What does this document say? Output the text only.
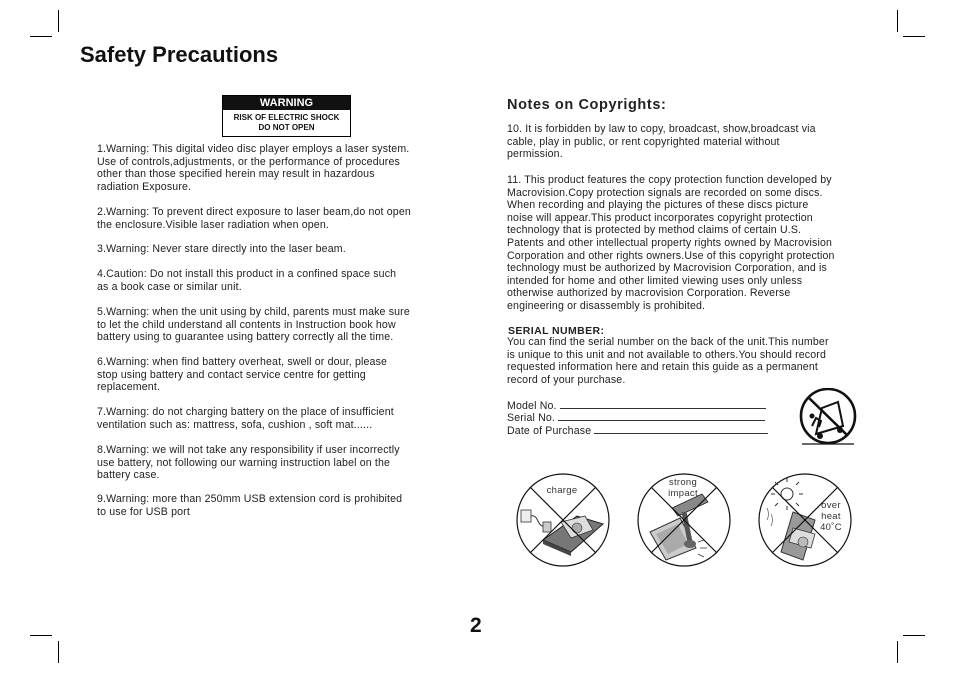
Safety Precautions
WARNING
RISK OF ELECTRIC SHOCK
DO NOT OPEN

1.Warning: This digital video disc player employs a laser system.
Use of controls,adjustments, or the performance of procedures
other than those specified herein may result in hazardous
radiation Exposure.

2.Warning: To prevent direct exposure to laser beam,do not open
the enclosure.Visible laser radiation when open.

3.Warning: Never stare directly into the laser beam.

4.Caution: Do not install this product in a confined space such
as a book case or similar unit.

5.Warning: when the unit using by child, parents must make sure
to let the child understand all contents in Instruction book how
battery using to guarantee using battery correctly all the time.

6.Warning: when find battery overheat, swell or dour, please
stop using battery and contact service centre for getting
replacement.

7.Warning: do not charging battery on the place of insufficient
ventilation such as: mattress, sofa, cushion , soft mat......

8.Warning: we will not take any responsibility if user incorrectly
use battery, not following our warning instruction label on the
battery case.

9.Warning: more than 250mm USB extension cord is prohibited
to use for USB port

Notes on Copyrights:

10. It is forbidden by law to copy, broadcast, show,broadcast via
cable, play in public, or rent copyrighted material without
permission.

11. This product features the copy protection function developed by
Macrovision.Copy protection signals are recorded on some discs.
When recording and playing the pictures of these discs picture
noise will appear.This product incorporates copyright protection
technology that is protected by method claims of certain U.S.
Patents and other intellectual property rights owned by Macrovision
Corporation and other rights owners.Use of this copyright protection
technology must be authorized by Macrovision Corporation, and is
intended for home and other limited viewing uses only unless
otherwise authorized by macrovision Corporation. Reverse
engineering or disassembly is prohibited.

SERIAL NUMBER:

You can find the serial number on the back of the unit.This number
is unique to this unit and not available to others.You should record
requested information here and retain this guide as a permanent
record of your purchase.

Model No.
Serial No.
Date of Purchase
charge
strong
impact
over
heat
40˚C
2
